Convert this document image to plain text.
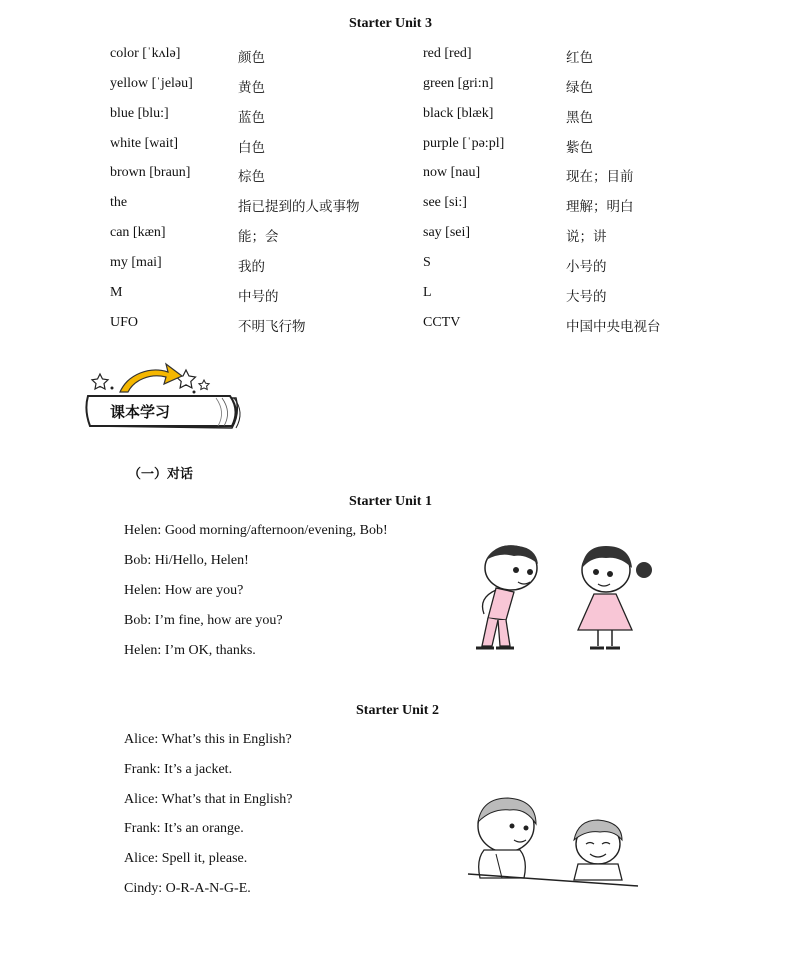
Starter Unit 3
color [ˈkʌlə]	颜色	red [red]	红色
yellow [ˈjeləu]	黄色	green [gri:n]	绿色
blue [blu:]	蓝色	black [blæk]	黑色
white [wait]	白色	purple [ˈpə:pl]	紫色
brown [braun]	棕色	now [nau]	现在；目前
the	指已提到的人或事物	see [si:]	理解；明白
can [kæn]	能；会	say [sei]	说；讲
my [mai]	我的	S	小号的
M	中号的	L	大号的
UFO	不明飞行物	CCTV	中国中央电视台
课本学习
（一）对话
Starter Unit 1
Helen: Good morning/afternoon/evening, Bob!
Bob: Hi/Hello, Helen!
Helen: How are you?
Bob: I’m fine, how are you?
Helen: I’m OK, thanks.
Starter Unit 2
Alice: What’s this in English?
Frank: It’s a jacket.
Alice: What’s that in English?
Frank: It’s an orange.
Alice: Spell it, please.
Cindy: O-R-A-N-G-E.
